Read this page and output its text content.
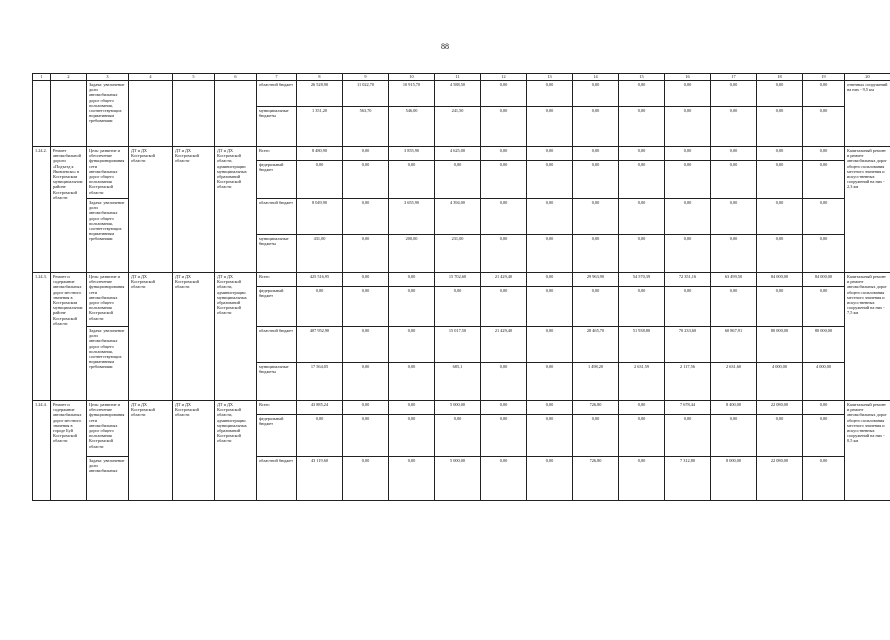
88
1	2	3	4	5	6	7	8	9	10	11	12	13	14	15	16	17	18	19	20
		Задача: увеличение доли автомобильных дорог общего пользования, соответствующих нормативным требованиям				областной бюджет	26 528,90	11 022,70	10 915,70	4 588,50	0,00	0,00	0,00	0,00	0,00	0,00	0,00	0,00	отвечных сооружений на них - 9,5 км
						муниципальные бюджеты	1 351,20	563,70	546,00	241,50	0,00	0,00	0,00	0,00	0,00	0,00	0,00	0,00	
1.24.2.	Ремонт автомобильной дороги «Подъезд к Яковлевско» в Костромском муниципальном районе Костромской области	Цель: развитие и обеспечение функционирования сети автомобильных дорог общего пользования Костромской области	ДТ и ДХ Костромской области	ДТ и ДХ Костромской области	ДТ и ДХ Костромской области, администрации муниципальных образований Костромской области	Всего	8 480,90	0,00	3 855,90	4 625,00	0,00	0,00	0,00	0,00	0,00	0,00	0,00	0,00	Капитальный ремонт и ремонт автомобильных дорог общего пользования местного значения и искусственных сооружений на них - 2,3 км
						федеральный бюджет	0,00	0,00	0,00	0,00	0,00	0,00	0,00	0,00	0,00	0,00	0,00	0,00	
		Задача: увеличение доли автомобильных дорог общего пользования, соответствующих нормативным требованиям				областной бюджет	8 049,90	0,00	3 655,90	4 394,00	0,00	0,00	0,00	0,00	0,00	0,00	0,00	0,00	
						муниципальные бюджеты	431,00	0,00	200,00	231,00	0,00	0,00	0,00	0,00	0,00	0,00	0,00	0,00	
1.24.3.	Ремонт и содержание автомобильных дорог местного значения в Костромском муниципальном районе Костромской области	Цель: развитие и обеспечение функционирования сети автомобильных дорог общего пользования Костромской области	ДТ и ДХ Костромской области	ДТ и ДХ Костромской области	ДТ и ДХ Костромской области, администрации муниципальных образований Костромской области	Всего	425 516,95	0,00	0,00	15 702,60	21 429,40	0,00	29 963,90	54 570,39	72 351,16	63 499,50	84 000,00	84 000,00	Капитальный ремонт и ремонт автомобильных дорог общего пользования местного значения и искусственных сооружений на них - 7,5 км
						федеральный бюджет	0,00	0,00	0,00	0,00	0,00	0,00	0,00	0,00	0,00	0,00	0,00	0,00	
		Задача: увеличение доли автомобильных дорог общего пользования, соответствующих нормативным требованиям				областной бюджет	407 952,90	0,00	0,00	15 017,50	21 429,40	0,00	28 465,70	51 938,80	70 233,60	60 867,91	80 000,00	80 000,00	
						муниципальные бюджеты	17 564,05	0,00	0,00	685,1	0,00	0,00	1 498,20	2 631,59	2 117,56	2 631,60	4 000,00	4 000,00	
1.24.4.	Ремонт и содержание автомобильных дорог местного значения в городе Буй Костромской области	Цель: развитие и обеспечение функционирования сети автомобильных дорог общего пользования Костромской области	ДТ и ДХ Костромской области	ДТ и ДХ Костромской области	ДТ и ДХ Костромской области, администрации муниципальных образований Костромской области	Всего	43 885,24	0,00	0,00	5 000,00	0,00	0,00	726,80	0,00	7 678,44	8 400,00	22 080,00	0,00	Капитальный ремонт и ремонт автомобильных дорог общего пользования местного значения и искусственных сооружений на них - 0,5 км
						федеральный бюджет	0,00	0,00	0,00	0,00	0,00	0,00	0,00	0,00	0,00	0,00	0,00	0,00	
		Задача: увеличение доли автомобильных				областной бюджет	43 119,60	0,00	0,00	5 000,00	0,00	0,00	726,80	0,00	7 312,80	8 000,00	22 080,00	0,00	
